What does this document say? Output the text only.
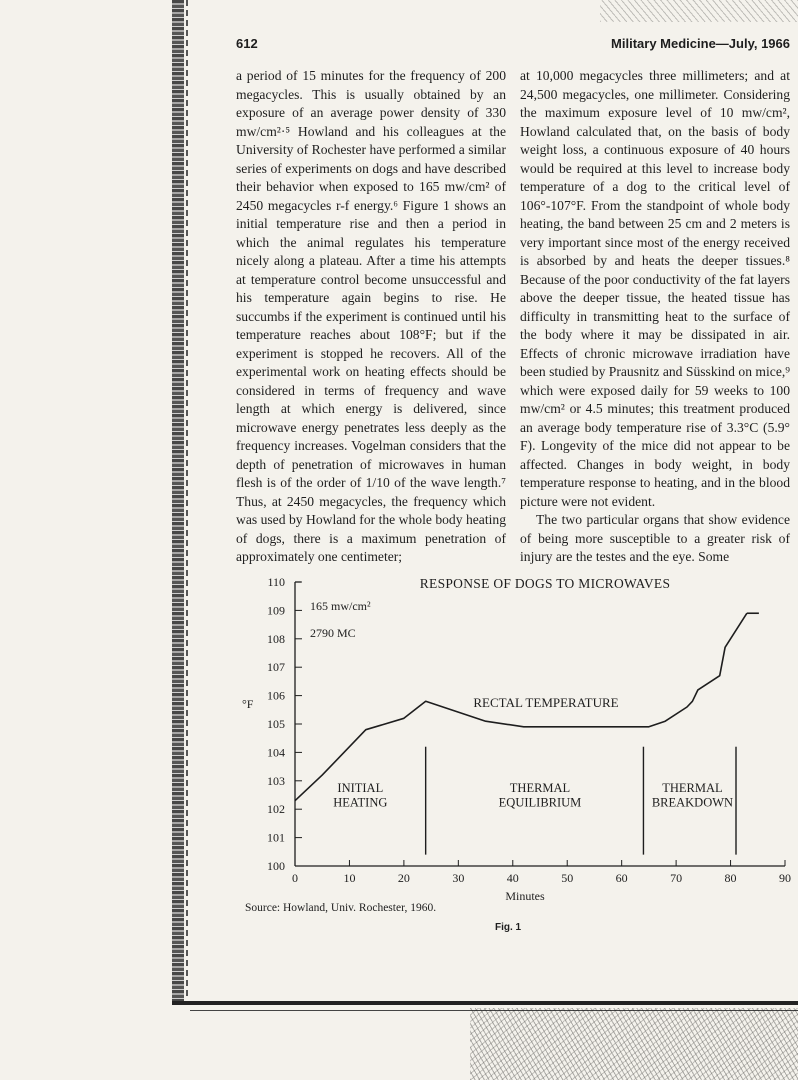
612	Military Medicine—July, 1966

a period of 15 minutes for the frequency of 200 megacycles. This is usually obtained by an exposure of an average power density of 330 mw/cm²·⁵ Howland and his colleagues at the University of Rochester have performed a similar series of experiments on dogs and have described their behavior when exposed to 165 mw/cm² of 2450 megacycles r-f energy.⁶ Figure 1 shows an initial temperature rise and then a period in which the animal regulates his temperature nicely along a plateau. After a time his attempts at temperature control become unsuccessful and his temperature again begins to rise. He succumbs if the experiment is continued until his temperature reaches about 108°F; but if the experiment is stopped he recovers. All of the experimental work on heating effects should be considered in terms of frequency and wave length at which energy is delivered, since microwave energy penetrates less deeply as the frequency increases. Vogelman considers that the depth of penetration of microwaves in human flesh is of the order of 1/10 of the wave length.⁷ Thus, at 2450 megacycles, the frequency which was used by Howland for the whole body heating of dogs, there is a maximum penetration of approximately one centimeter;

at 10,000 megacycles three millimeters; and at 24,500 megacycles, one millimeter. Considering the maximum exposure level of 10 mw/cm², Howland calculated that, on the basis of body weight loss, a continuous exposure of 40 hours would be required at this level to increase body temperature of a dog to the critical level of 106°-107°F. From the standpoint of whole body heating, the band between 25 cm and 2 meters is very important since most of the energy received is absorbed by and heats the deeper tissues.⁸ Because of the poor conductivity of the fat layers above the deeper tissue, the heated tissue has difficulty in transmitting heat to the surface of the body where it may be dissipated in air. Effects of chronic microwave irradiation have been studied by Prausnitz and Süsskind on mice,⁹ which were exposed daily for 59 weeks to 100 mw/cm² or 4.5 minutes; this treatment produced an average body temperature rise of 3.3°C (5.9° F). Longevity of the mice did not appear to be affected. Changes in body weight, in body temperature response to heating, and in the blood picture were not evident.

The two particular organs that show evidence of being more susceptible to a greater risk of injury are the testes and the eye. Some

100
101
102
103
104
105
106
107
108
109
110
0	10	20	30	40	50	60	70	80	90
°F
Minutes
RESPONSE OF DOGS TO MICROWAVES
165 mw/cm²
2790 MC
INITIAL
HEATING
THERMAL
EQUILIBRIUM
THERMAL
BREAKDOWN
RECTAL TEMPERATURE
Source: Howland, Univ. Rochester, 1960.
Fig. 1
